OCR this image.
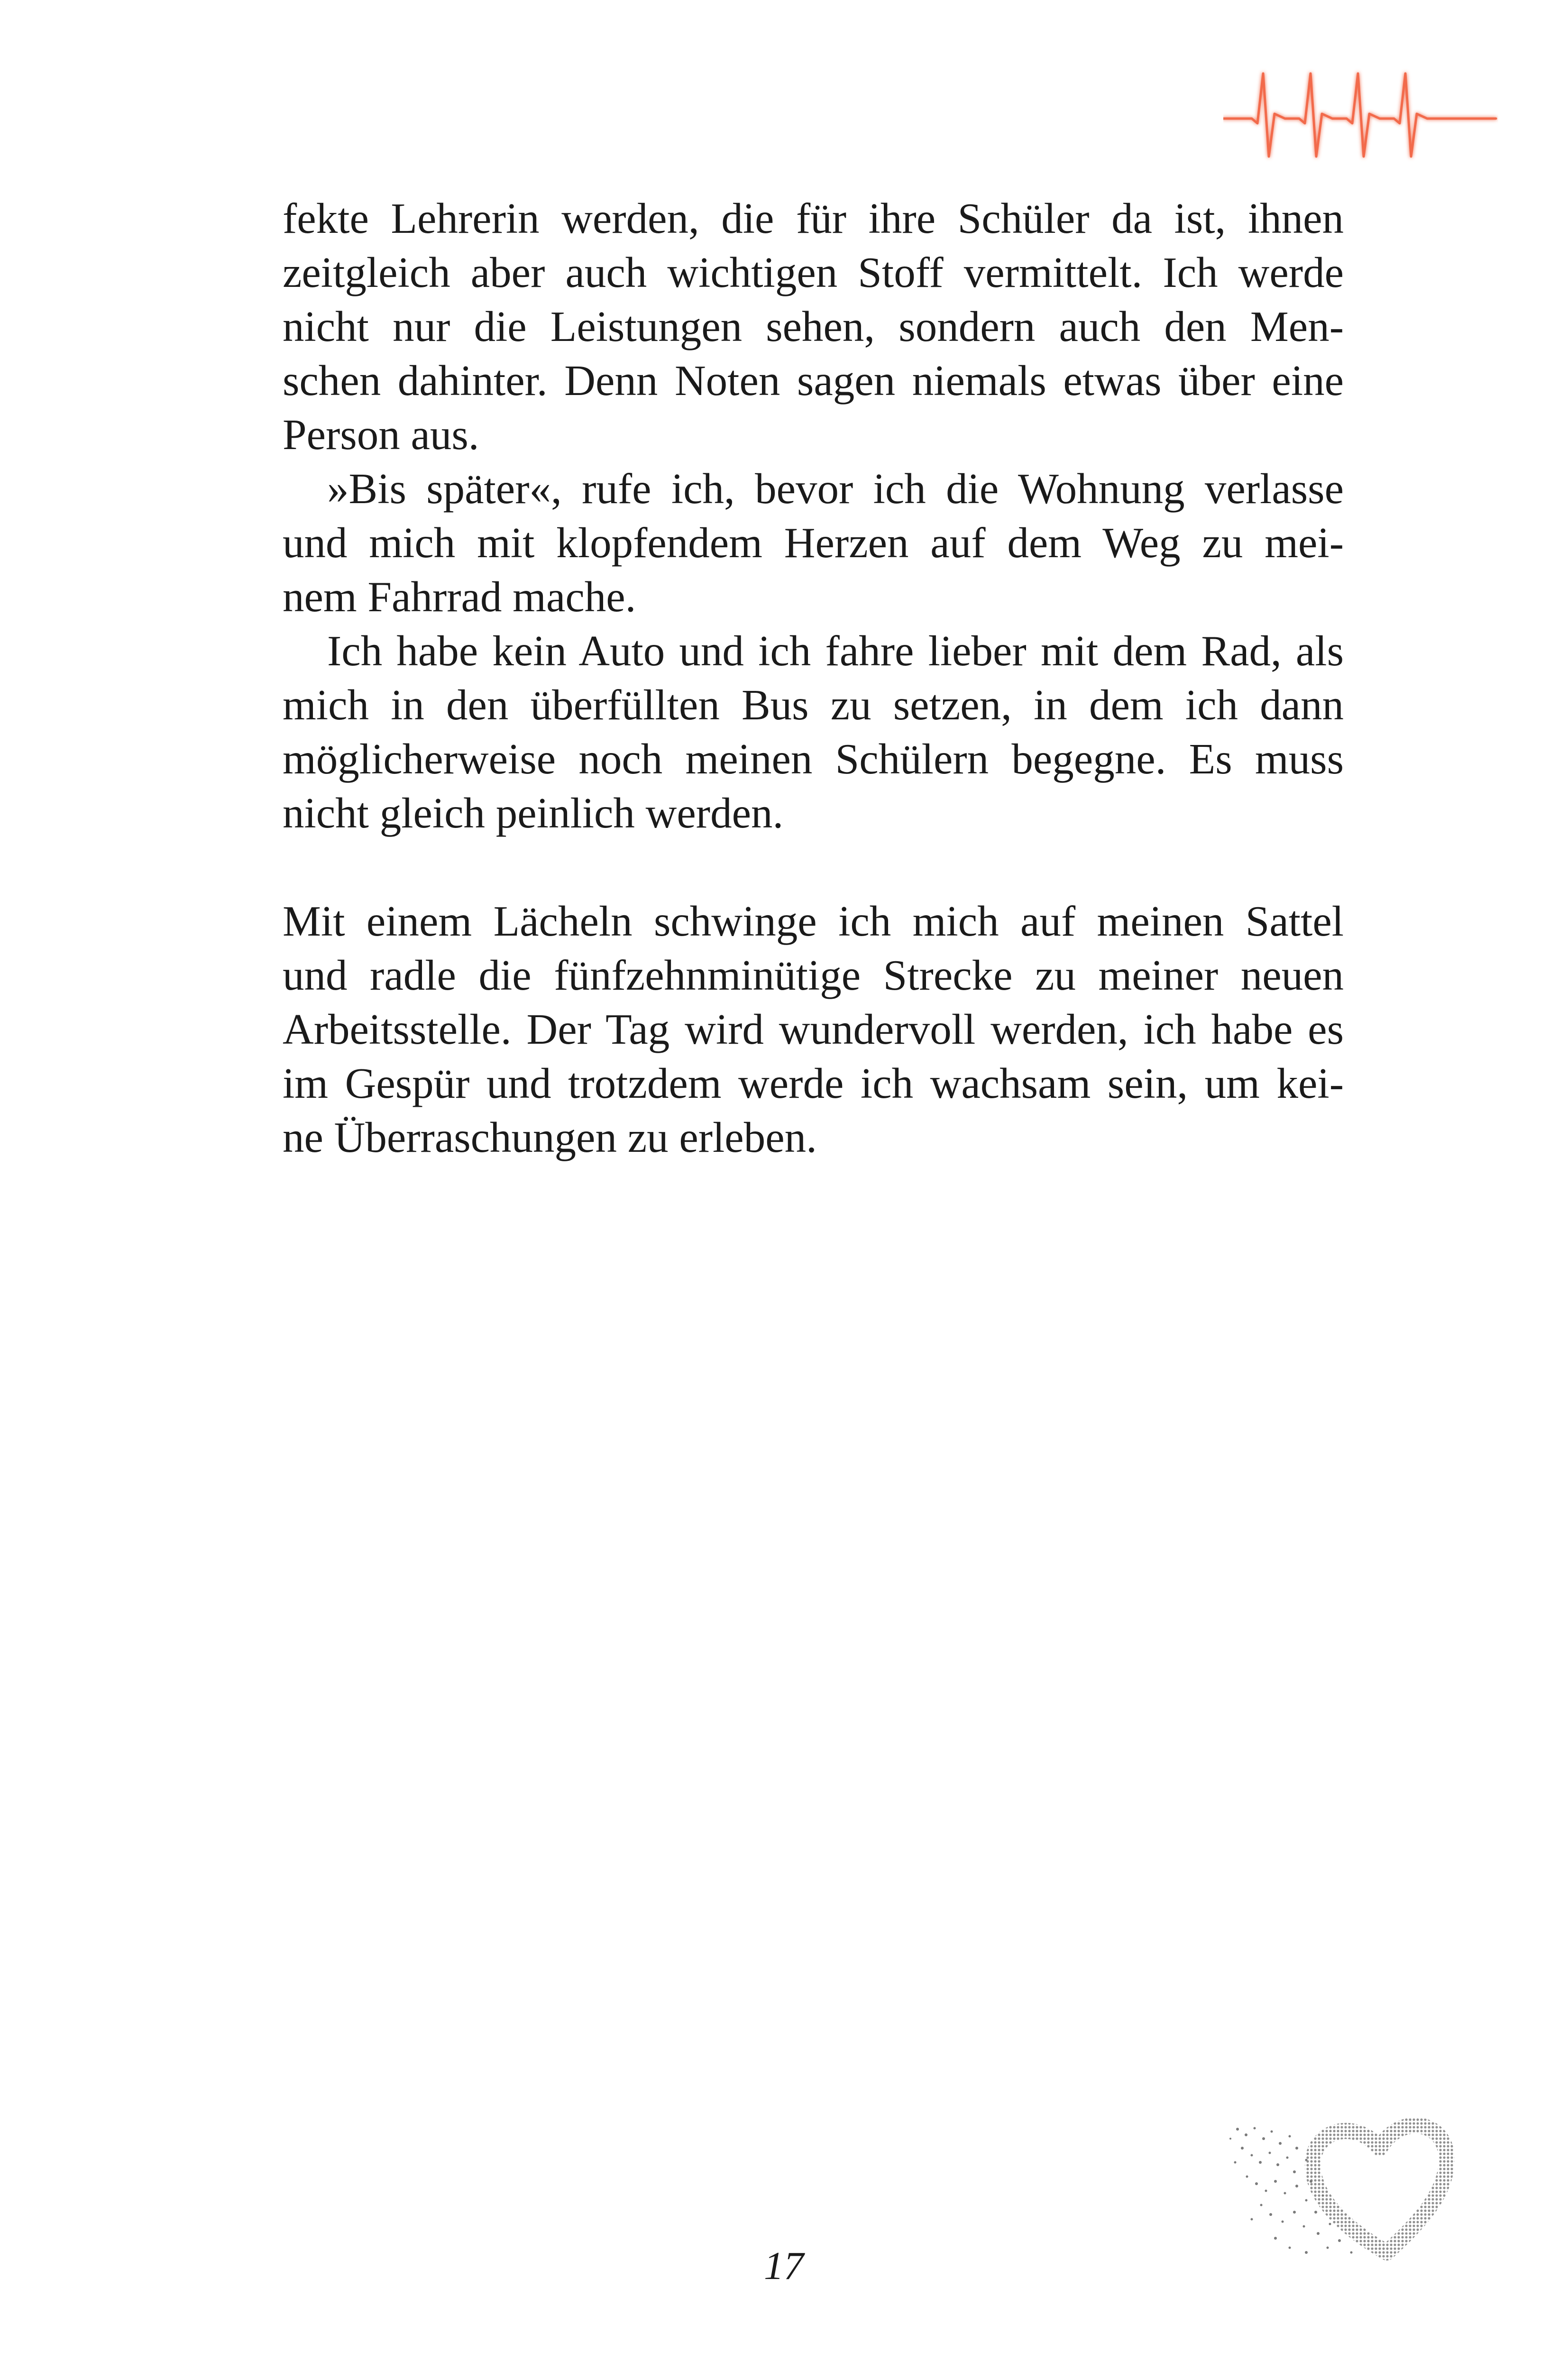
fekte Lehrerin werden, die für ihre Schüler da ist, ihnen
zeitgleich aber auch wichtigen Stoff vermittelt. Ich werde
nicht nur die Leistungen sehen, sondern auch den Men-
schen dahinter. Denn Noten sagen niemals etwas über eine
Person aus.
»Bis später«, rufe ich, bevor ich die Wohnung verlasse
und mich mit klopfendem Herzen auf dem Weg zu mei-
nem Fahrrad mache.
Ich habe kein Auto und ich fahre lieber mit dem Rad, als
mich in den überfüllten Bus zu setzen, in dem ich dann
möglicherweise noch meinen Schülern begegne. Es muss
nicht gleich peinlich werden.
Mit einem Lächeln schwinge ich mich auf meinen Sattel
und radle die fünfzehnminütige Strecke zu meiner neuen
Arbeitsstelle. Der Tag wird wundervoll werden, ich habe es
im Gespür und trotzdem werde ich wachsam sein, um kei-
ne Überraschungen zu erleben.
17
